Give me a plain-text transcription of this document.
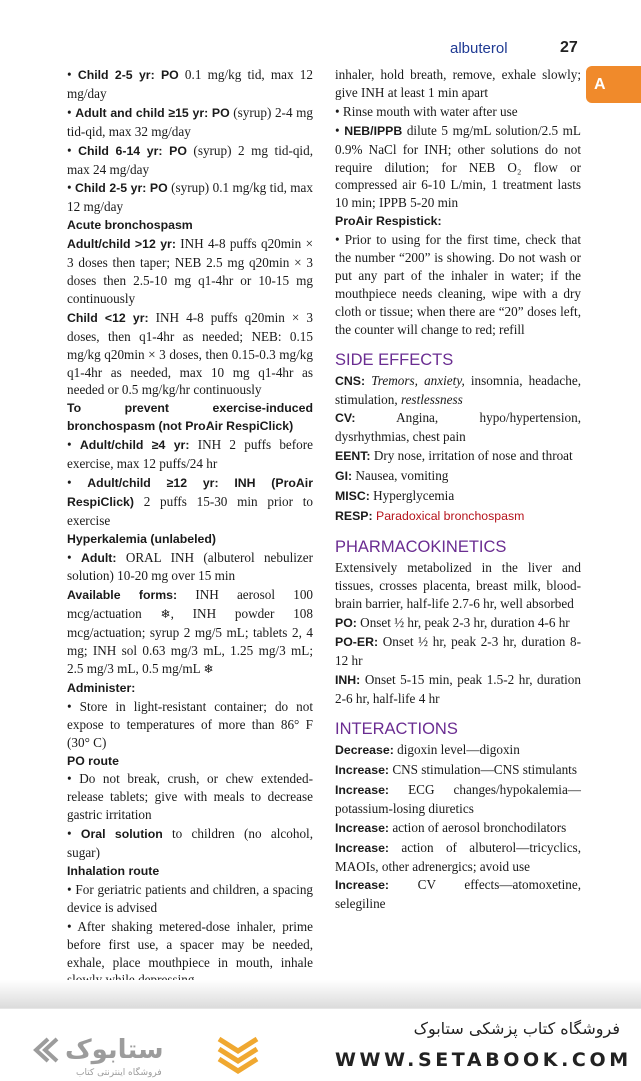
albuterol	27
A

• Child 2-5 yr: PO 0.1 mg/kg tid, max 12 mg/day

• Adult and child ≥15 yr: PO (syrup) 2-4 mg tid-qid, max 32 mg/day

• Child 6-14 yr: PO (syrup) 2 mg tid-qid, max 24 mg/day

• Child 2-5 yr: PO (syrup) 0.1 mg/kg tid, max 12 mg/day

Acute bronchospasm

Adult/child >12 yr: INH 4-8 puffs q20min × 3 doses then taper; NEB 2.5 mg q20min × 3 doses then 2.5-10 mg q1-4hr or 10-15 mg continuously

Child <12 yr: INH 4-8 puffs q20min × 3 doses, then q1-4hr as needed; NEB: 0.15 mg/kg q20min × 3 doses, then 0.15-0.3 mg/kg q1-4hr as needed, max 10 mg q1-4hr as needed or 0.5 mg/kg/hr continuously

To prevent exercise-induced bronchospasm (not ProAir RespiClick)

• Adult/child ≥4 yr: INH 2 puffs before exercise, max 12 puffs/24 hr

• Adult/child ≥12 yr: INH (ProAir RespiClick) 2 puffs 15-30 min prior to exercise

Hyperkalemia (unlabeled)

• Adult: ORAL INH (albuterol nebulizer solution) 10-20 mg over 15 min

Available forms: INH aerosol 100 mcg/actuation ❄, INH powder 108 mcg/actuation; syrup 2 mg/5 mL; tablets 2, 4 mg; INH sol 0.63 mg/3 mL, 1.25 mg/3 mL; 2.5 mg/3 mL, 0.5 mg/mL ❄

Administer:

• Store in light-resistant container; do not expose to temperatures of more than 86° F (30° C)

PO route

• Do not break, crush, or chew extended-release tablets; give with meals to decrease gastric irritation

• Oral solution to children (no alcohol, sugar)

Inhalation route

• For geriatric patients and children, a spacing device is advised

• After shaking metered-dose inhaler, prime before first use, a spacer may be needed, exhale, place mouthpiece in mouth, inhale

inhaler, hold breath, remove, exhale slowly; give INH at least 1 min apart

• Rinse mouth with water after use

• NEB/IPPB dilute 5 mg/mL solution/2.5 mL 0.9% NaCl for INH; other solutions do not require dilution; for NEB O₂ flow or compressed air 6-10 L/min, 1 treatment lasts 10 min; IPPB 5-20 min

ProAir Respistick:

• Prior to using for the first time, check that the number “200” is showing. Do not wash or put any part of the inhaler in water; if the mouthpiece needs cleaning, wipe with a dry cloth or tissue; when there are “20” doses left, the counter will change to red; refill

SIDE EFFECTS

CNS: Tremors, anxiety, insomnia, headache, stimulation, restlessness

CV: Angina, hypo/hypertension, dysrhythmias, chest pain

EENT: Dry nose, irritation of nose and throat

GI: Nausea, vomiting

MISC: Hyperglycemia

RESP: Paradoxical bronchospasm

PHARMACOKINETICS

Extensively metabolized in the liver and tissues, crosses placenta, breast milk, blood-brain barrier, half-life 2.7-6 hr, well absorbed

PO: Onset ½ hr, peak 2-3 hr, duration 4-6 hr

PO-ER: Onset ½ hr, peak 2-3 hr, duration 8-12 hr

INH: Onset 5-15 min, peak 1.5-2 hr, duration 2-6 hr, half-life 4 hr

INTERACTIONS

Decrease: digoxin level—digoxin

Increase: CNS stimulation—CNS stimulants

Increase: ECG changes/hypokalemia—potassium-losing diuretics

Increase: action of aerosol bronchodilators

Increase: action of albuterol—tricyclics, MAOIs, other adrenergics; avoid use

Increase: CV effects—atomoxetine, selegiline

ستابوک
فروشگاه اینترنتی کتاب
فروشگاه کتاب پزشکی ستابوک
WWW.SETABOOK.COM
